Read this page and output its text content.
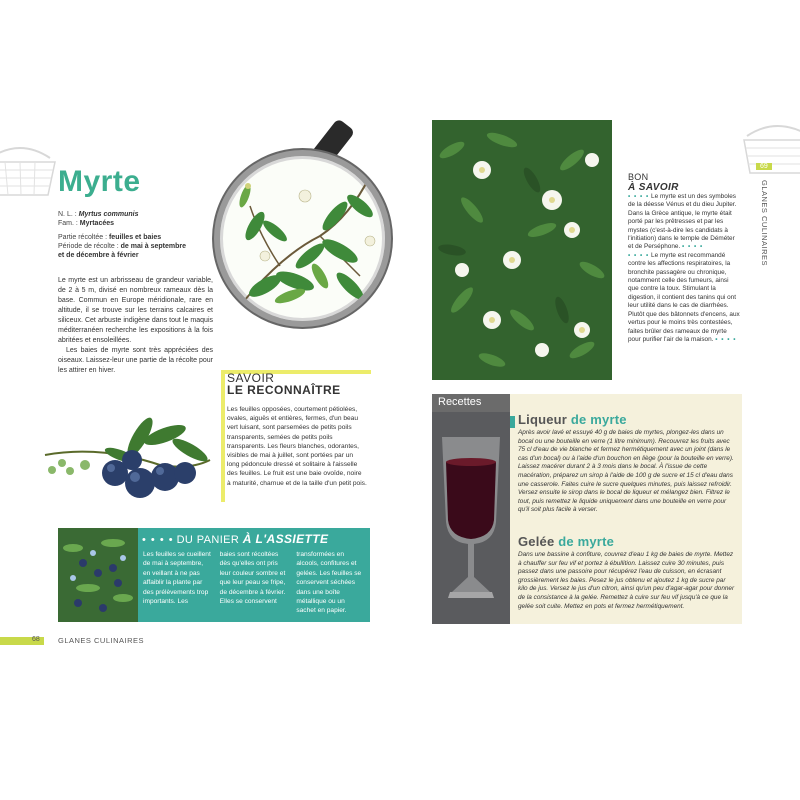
Myrte
N. L. : Myrtus communis
Fam. : Myrtacées
Partie récoltée : feuilles et baies
Période de récolte : de mai à septembre
et de décembre à février

Le myrte est un arbrisseau de grandeur variable, de 2 à 5 m, divisé en nombreux rameaux dès la base. Commun en Europe méridionale, rare en altitude, il se trouve sur les terrains calcaires et siliceux. Cet arbuste indigène dans tout le maquis méditerranéen recherche les expositions à la fois abritées et ensoleillées.

Les baies de myrte sont très appréciées des oiseaux. Laissez-leur une partie de la récolte pour les attirer en hiver.

SAVOIR
LE RECONNAÎTRE
Les feuilles opposées, courtement pétiolées, ovales, aiguës et entières, fermes, d'un beau vert luisant, sont parsemées de petits poils transparents, semées de petits poils transparents. Les fleurs blanches, odorantes, visibles de mai à juillet, sont portées par un long pédoncule dressé et solitaire à l'aisselle des feuilles. Le fruit est une baie ovoïde, noire à maturité, charnue et de la taille d'un petit pois.
• • • • DU PANIER À L'ASSIETTE
Les feuilles se cueillent de mai à septembre, en veillant à ne pas affaiblir la plante par des prélèvements trop importants. Les
baies sont récoltées dès qu'elles ont pris leur couleur sombre et que leur peau se fripe, de décembre à février. Elles se conservent
transformées en alcools, confitures et gelées. Les feuilles se conservent séchées dans une boîte métallique ou un sachet en papier.
68 GLANES CULINAIRES
BON
À SAVOIR
• • • • Le myrte est un des symboles de la déesse Vénus et du dieu Jupiter. Dans la Grèce antique, le myrte était porté par les prêtresses et par les mystes (c'est-à-dire les candidats à l'initiation) dans le temple de Déméter et de Perséphone. • • • •
• • • • Le myrte est recommandé contre les affections respiratoires, la bronchite passagère ou chronique, notamment celle des fumeurs, ainsi que contre la toux. Stimulant la digestion, il contient des tanins qui ont leur utilité dans le cas de diarrhées. Plutôt que des bâtonnets d'encens, aux vertus pour le moins très contestées, faites brûler des rameaux de myrte pour purifier l'air de la maison. • • • •
69
GLANES CULINAIRES
Recettes
Liqueur de myrte

Après avoir lavé et essuyé 40 g de baies de myrtes, plongez-les dans un bocal ou une bouteille en verre (1 litre minimum). Recouvrez les fruits avec 75 cl d'eau de vie blanche et fermez hermétiquement avec un joint (dans le cas d'un bocal) ou à l'aide d'un bouchon en liège (pour la bouteille en verre). Laissez macérer durant 2 à 3 mois dans le bocal. À l'issue de cette macération, préparez un sirop à l'aide de 100 g de sucre et 15 cl d'eau dans une casserole. Faites cuire le sucre quelques minutes, puis laissez refroidir. Versez ensuite le sirop dans le bocal de liqueur et mélangez bien. Filtrez le tout, puis remettez le liquide uniquement dans une bouteille en verre pour qu'il soit plus facile à verser.

Gelée de myrte

Dans une bassine à confiture, couvrez d'eau 1 kg de baies de myrte. Mettez à chauffer sur feu vif et portez à ébullition. Laissez cuire 30 minutes, puis passez dans une passoire pour récupérez l'eau de cuisson, en écrasant grossièrement les baies. Pesez le jus obtenu et ajoutez 1 kg de sucre par kilo de jus. Versez le jus d'un citron, ainsi qu'un peu d'agar-agar pour donner de la consistance à la gelée. Remettez à cuire sur feu vif jusqu'à ce que la gelée soit cuite. Mettez en pots et fermez hermétiquement.
